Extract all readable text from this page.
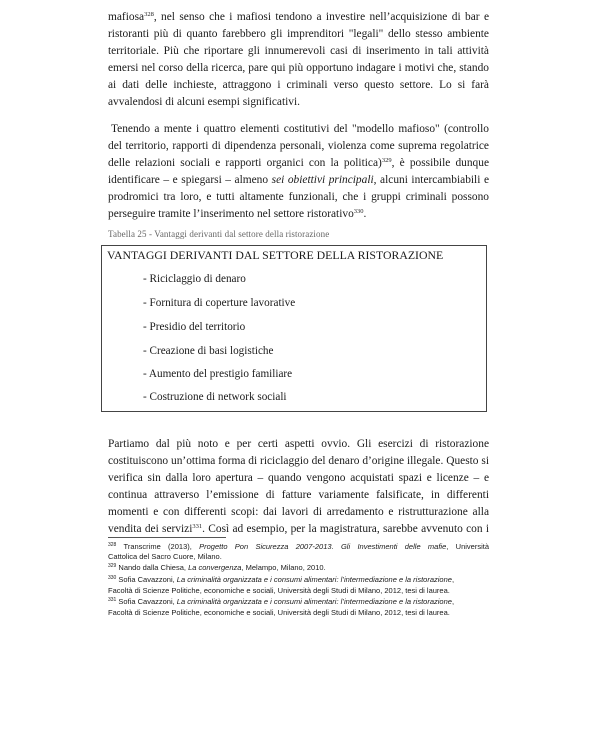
mafiosa$^{328}$, nel senso che i mafiosi tendono a investire nell’acquisizione di bar e
ristoranti più di quanto farebbero gli imprenditori "legali" dello stesso ambiente
territoriale. Più che riportare gli innumerevoli casi di inserimento in tali attività
emersi nel corso della ricerca, pare qui più opportuno indagare i motivi che, stando
ai dati delle inchieste, attraggono i criminali verso questo settore. Lo si farà
avvalendosi di alcuni esempi significativi.
Tenendo a mente i quattro elementi costitutivi del "modello mafioso" (controllo
del territorio, rapporti di dipendenza personali, violenza come suprema regolatrice
delle relazioni sociali e rapporti organici con la politica)$^{329}$, è possibile dunque
identificare – e spiegarsi – almeno sei obiettivi principali, alcuni intercambiabili e
prodromici tra loro, e tutti altamente funzionali, che i gruppi criminali possono
perseguire tramite l’inserimento nel settore ristorativo$^{330}$.
Tabella 25 - Vantaggi derivanti dal settore della ristorazione
VANTAGGI DERIVANTI DAL SETTORE DELLA RISTORAZIONE
- Riciclaggio di denaro
- Fornitura di coperture lavorative
- Presidio del territorio
- Creazione di basi logistiche
- Aumento del prestigio familiare
- Costruzione di network sociali
Partiamo dal più noto e per certi aspetti ovvio. Gli esercizi di ristorazione
costituiscono un’ottima forma di riciclaggio del denaro d’origine illegale. Questo si
verifica sin dalla loro apertura – quando vengono acquistati spazi e licenze – e
continua attraverso l’emissione di fatture variamente falsificate, in differenti
momenti e con differenti scopi: dai lavori di arredamento e ristrutturazione alla
vendita dei servizi$^{331}$. Così ad esempio, per la magistratura, sarebbe avvenuto con i
$^{328}$ Transcrime (2013), Progetto Pon Sicurezza 2007-2013. Gli Investimenti delle mafie, Università
Cattolica del Sacro Cuore, Milano.
$^{329}$ Nando dalla Chiesa, La convergenza, Melampo, Milano, 2010.
$^{330}$ Sofia Cavazzoni, La criminalità organizzata e i consumi alimentari: l’intermediazione e la ristorazione,
Facoltà di Scienze Politiche, economiche e sociali, Università degli Studi di Milano, 2012, tesi di laurea.
$^{331}$ Sofia Cavazzoni, La criminalità organizzata e i consumi alimentari: l’intermediazione e la ristorazione,
Facoltà di Scienze Politiche, economiche e sociali, Università degli Studi di Milano, 2012, tesi di laurea.
